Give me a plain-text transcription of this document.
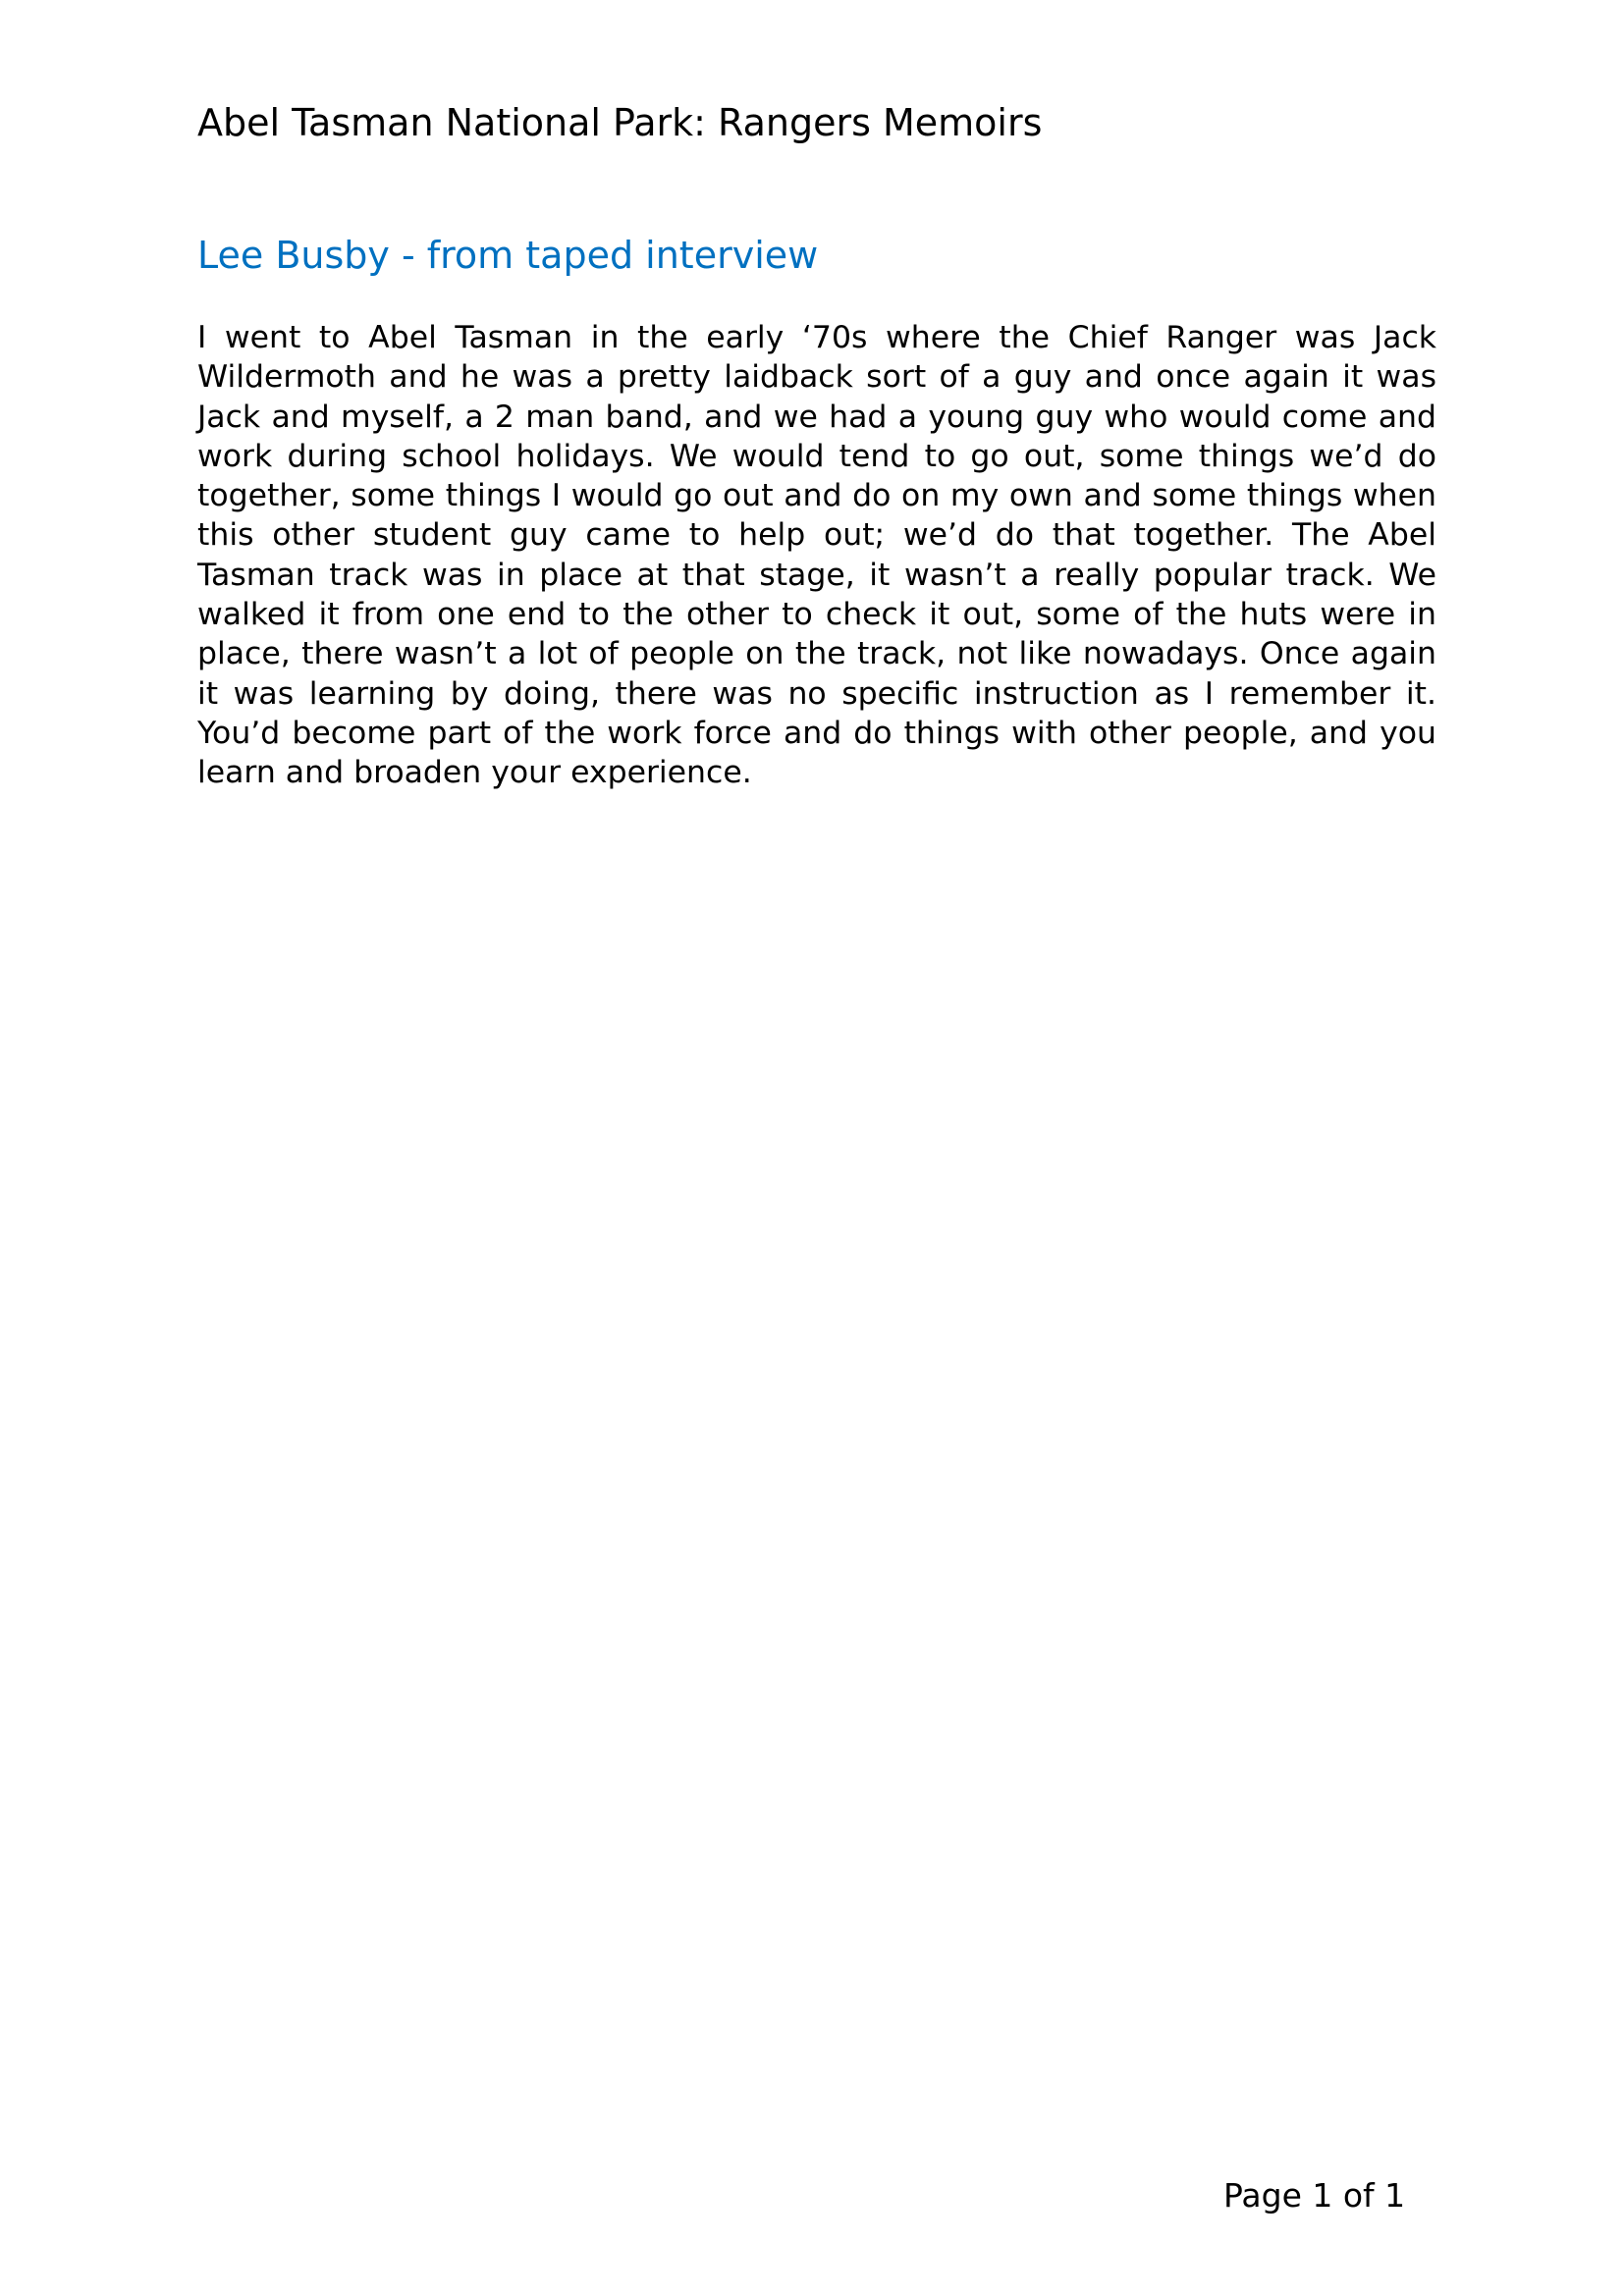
Abel Tasman National Park: Rangers Memoirs
Lee Busby - from taped interview

I went to Abel Tasman in the early ‘70s where the Chief Ranger was Jack Wildermoth and he was a pretty laidback sort of a guy and once again it was Jack and myself, a 2 man band, and we had a young guy who would come and work during school holidays. We would tend to go out, some things we’d do together, some things I would go out and do on my own and some things when this other student guy came to help out; we’d do that together. The Abel Tasman track was in place at that stage, it wasn’t a really popular track. We walked it from one end to the other to check it out, some of the huts were in place, there wasn’t a lot of people on the track, not like nowadays. Once again it was learning by doing, there was no specific instruction as I remember it. You’d become part of the work force and do things with other people, and you learn and broaden your experience.

Page 1 of 1
